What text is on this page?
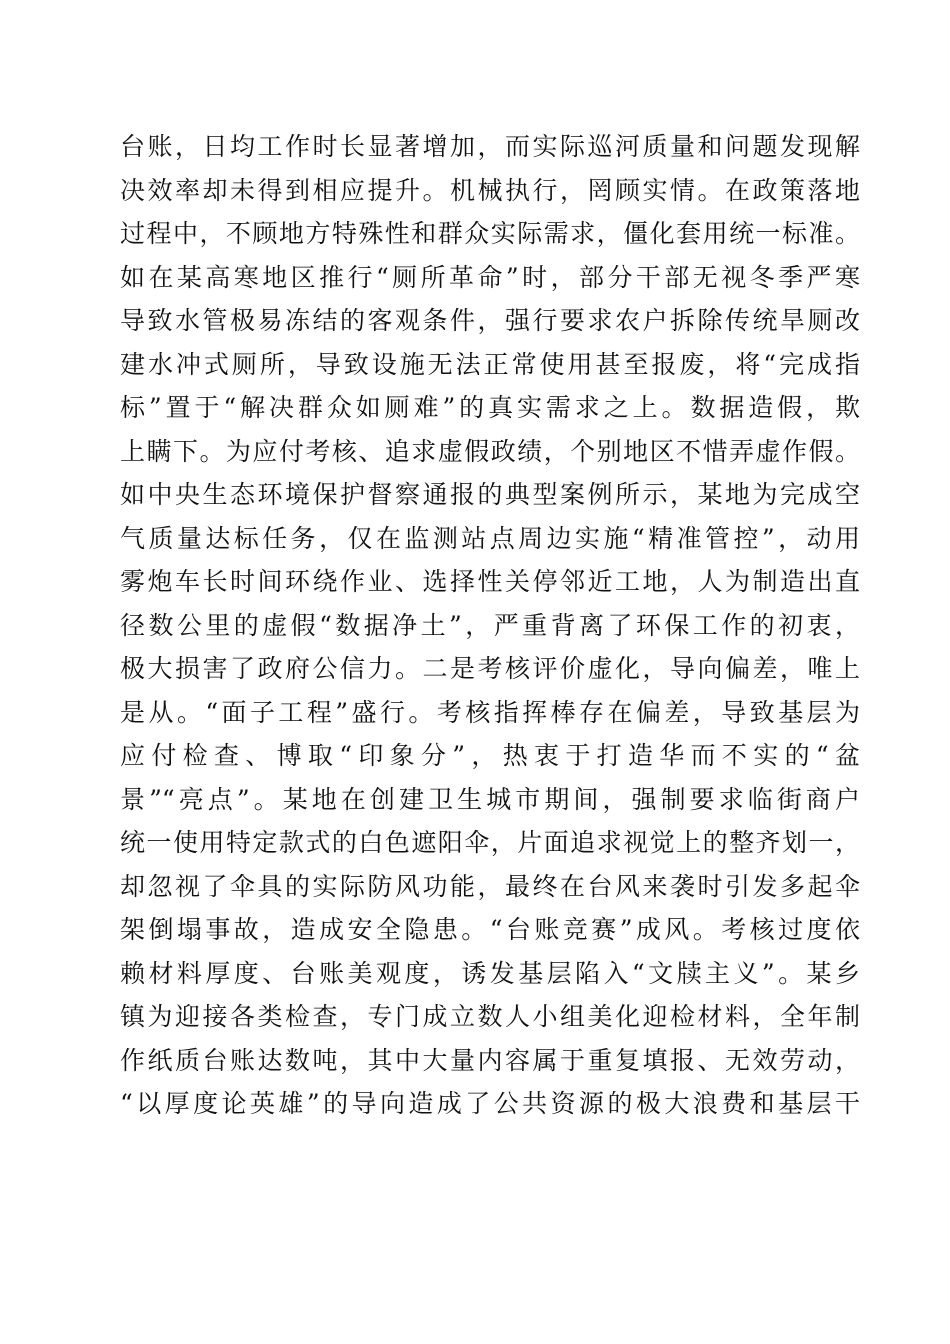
台账，日均工作时长显著增加，而实际巡河质量和问题发现解
决效率却未得到相应提升。机械执行，罔顾实情。在政策落地
过程中，不顾地方特殊性和群众实际需求，僵化套用统一标准。
如在某高寒地区推行“厕所革命”时，部分干部无视冬季严寒
导致水管极易冻结的客观条件，强行要求农户拆除传统旱厕改
建水冲式厕所，导致设施无法正常使用甚至报废，将“完成指
标”置于“解决群众如厕难”的真实需求之上。数据造假，欺
上瞒下。为应付考核、追求虚假政绩，个别地区不惜弄虚作假。
如中央生态环境保护督察通报的典型案例所示，某地为完成空
气质量达标任务，仅在监测站点周边实施“精准管控”，动用
雾炮车长时间环绕作业、选择性关停邻近工地，人为制造出直
径数公里的虚假“数据净土”，严重背离了环保工作的初衷，
极大损害了政府公信力。二是考核评价虚化，导向偏差，唯上
是从。“面子工程”盛行。考核指挥棒存在偏差，导致基层为
应付检查、博取“印象分”，热衷于打造华而不实的“盆
景”“亮点”。某地在创建卫生城市期间，强制要求临街商户
统一使用特定款式的白色遮阳伞，片面追求视觉上的整齐划一，
却忽视了伞具的实际防风功能，最终在台风来袭时引发多起伞
架倒塌事故，造成安全隐患。“台账竞赛”成风。考核过度依
赖材料厚度、台账美观度，诱发基层陷入“文牍主义”。某乡
镇为迎接各类检查，专门成立数人小组美化迎检材料，全年制
作纸质台账达数吨，其中大量内容属于重复填报、无效劳动，
“以厚度论英雄”的导向造成了公共资源的极大浪费和基层干
